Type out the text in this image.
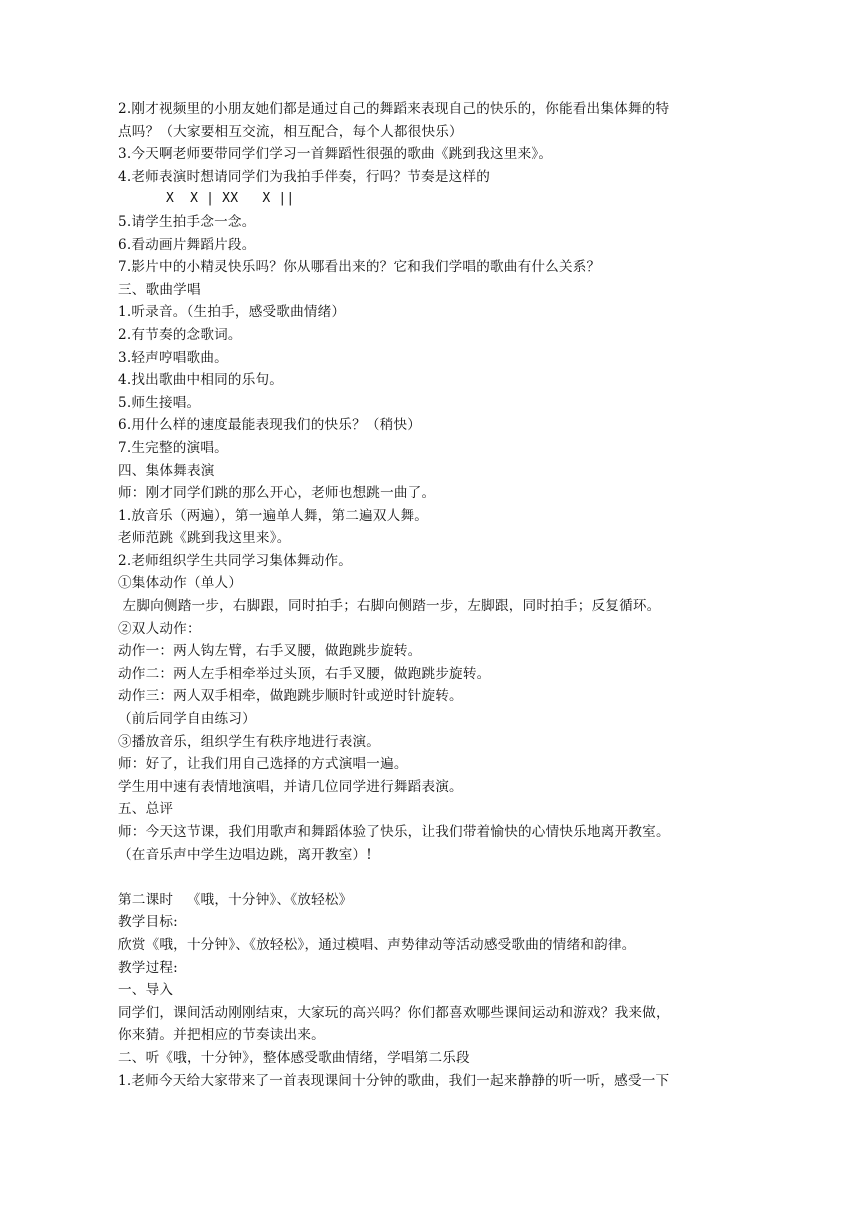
2.刚才视频里的小朋友她们都是通过自己的舞蹈来表现自己的快乐的，你能看出集体舞的特
点吗？（大家要相互交流，相互配合，每个人都很快乐）
3.今天啊老师要带同学们学习一首舞蹈性很强的歌曲《跳到我这里来》。
4.老师表演时想请同学们为我拍手伴奏，行吗？节奏是这样的
X  X | XX   X ||
5.请学生拍手念一念。
6.看动画片舞蹈片段。
7.影片中的小精灵快乐吗？你从哪看出来的？它和我们学唱的歌曲有什么关系？
三、歌曲学唱
1.听录音。（生拍手，感受歌曲情绪）
2.有节奏的念歌词。
3.轻声哼唱歌曲。
4.找出歌曲中相同的乐句。
5.师生接唱。
6.用什么样的速度最能表现我们的快乐？（稍快）
7.生完整的演唱。
四、集体舞表演
师：刚才同学们跳的那么开心，老师也想跳一曲了。
1.放音乐（两遍），第一遍单人舞，第二遍双人舞。
老师范跳《跳到我这里来》。
2.老师组织学生共同学习集体舞动作。
①集体动作（单人）
左脚向侧踏一步，右脚跟，同时拍手；右脚向侧踏一步，左脚跟，同时拍手；反复循环。
②双人动作：
动作一：两人钩左臂，右手叉腰，做跑跳步旋转。
动作二：两人左手相牵举过头顶，右手叉腰，做跑跳步旋转。
动作三：两人双手相牵，做跑跳步顺时针或逆时针旋转。
（前后同学自由练习）
③播放音乐，组织学生有秩序地进行表演。
师：好了，让我们用自己选择的方式演唱一遍。
学生用中速有表情地演唱，并请几位同学进行舞蹈表演。
五、总评
师：今天这节课，我们用歌声和舞蹈体验了快乐，让我们带着愉快的心情快乐地离开教室。
（在音乐声中学生边唱边跳，离开教室）!
第二课时   《哦，十分钟》、《放轻松》
教学目标:
欣赏《哦，十分钟》、《放轻松》，通过模唱、声势律动等活动感受歌曲的情绪和韵律。
教学过程:
一、导入
同学们，课间活动刚刚结束，大家玩的高兴吗？你们都喜欢哪些课间运动和游戏？我来做，
你来猜。并把相应的节奏读出来。
二、听《哦，十分钟》，整体感受歌曲情绪，学唱第二乐段
1.老师今天给大家带来了一首表现课间十分钟的歌曲，我们一起来静静的听一听，感受一下
